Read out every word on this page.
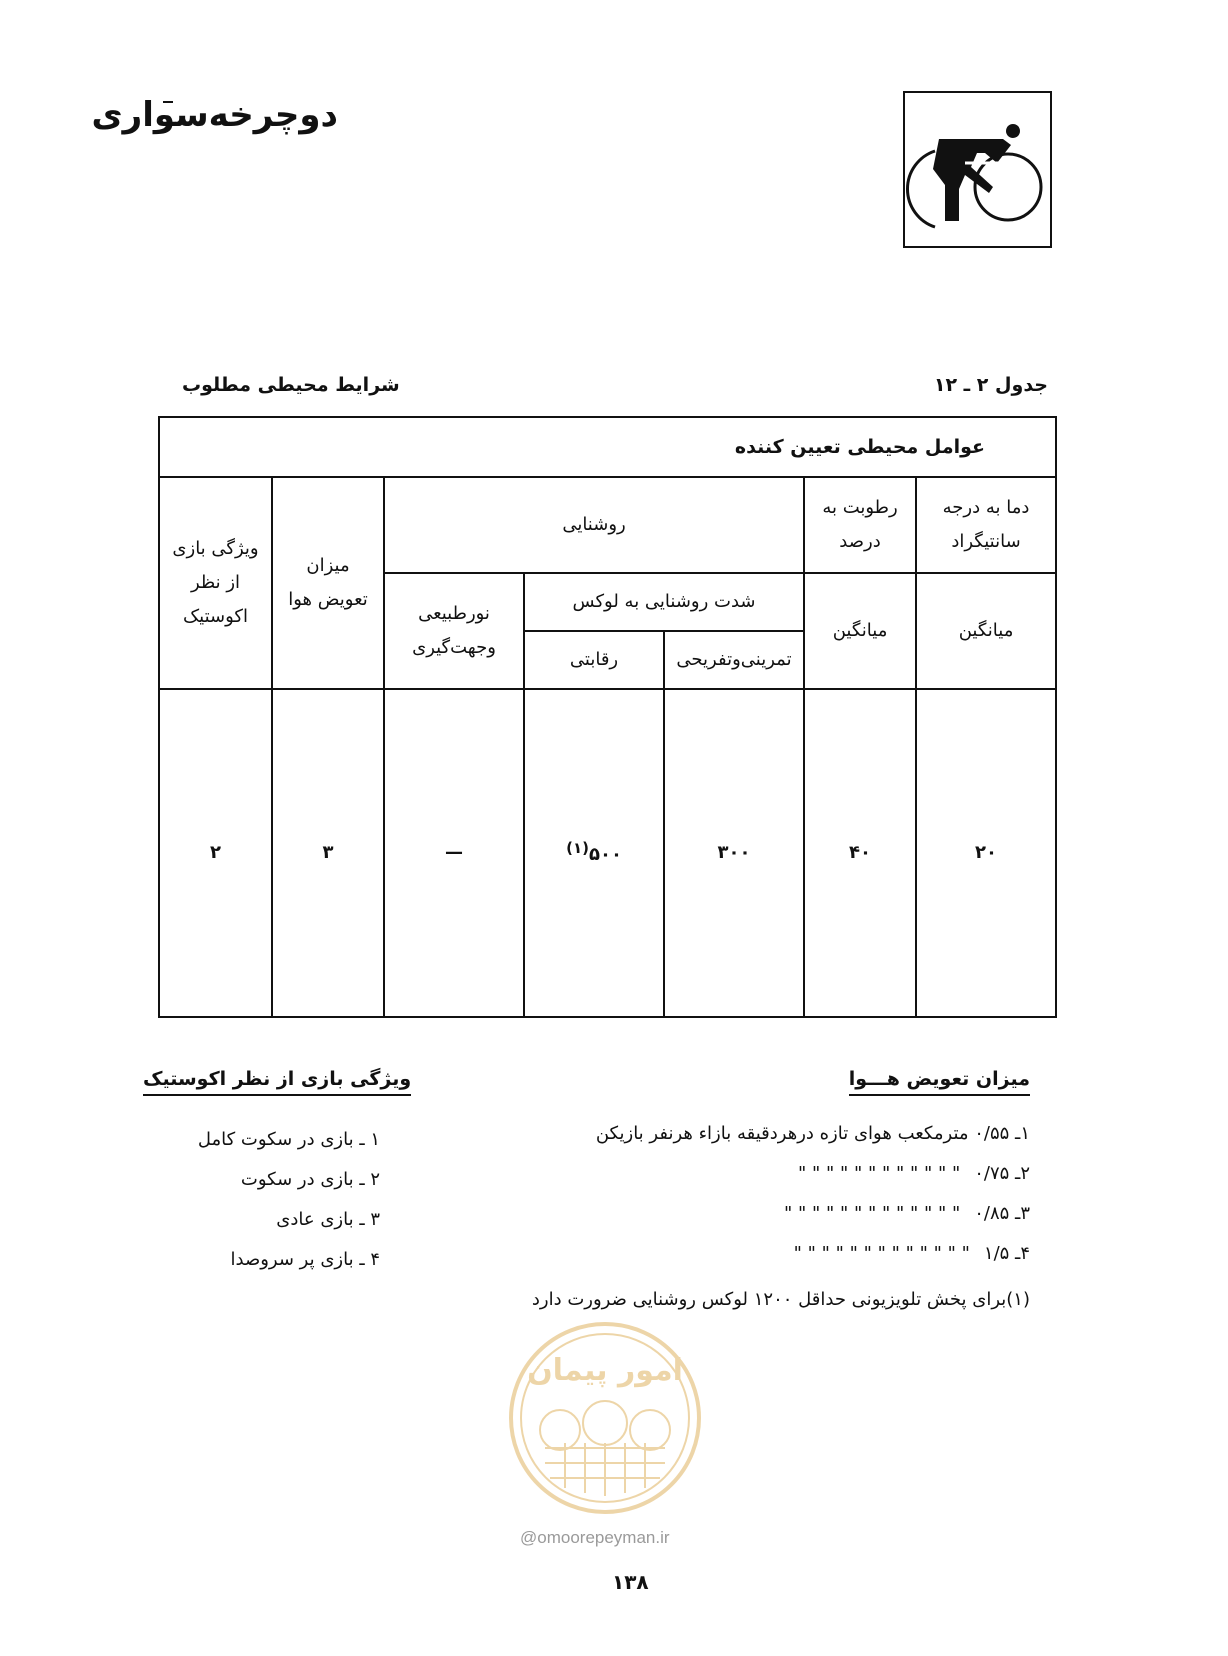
دوچرخه‌سواری
جدول ۲ ـ ۱۲
شرایط محیطی مطلوب
عوامل محیطی تعیین کننده						
دما به درجه سانتیگراد	رطوبت به درصد	روشنایی			میزان تعویض هوا	ویژگی بازی از نظر اکوستیک
میانگین	میانگین	شدت روشنایی به لوکس		نورطبیعی وجهت‌گیری		
		تمرینی‌وتفریحی	رقابتی			
۲۰	۴۰	۳۰۰	۵۰۰$^{(۱)}$	—	۳	۲
میزان تعویض هـــوا
۱ـ ۰/۵۵ مترمکعب هوای تازه درهردقیقه بازاء هرنفر بازیکن
۲ـ ۰/۷۵" " " " " " " " " " " "
۳ـ ۰/۸۵" " " " " " " " " " " " "
۴ـ ۱/۵" " " " " " " " " " " " "
ویژگی بازی از نظر اکوستیک
۱ ـ بازی در سکوت کامل
۲ ـ بازی در سکوت
۳ ـ بازی عادی
۴ ـ بازی پر سروصدا
(۱)برای پخش تلویزیونی حداقل ۱۲۰۰ لوکس روشنایی ضرورت دارد
امور پیمان
@omoorepeyman.ir
۱۳۸
